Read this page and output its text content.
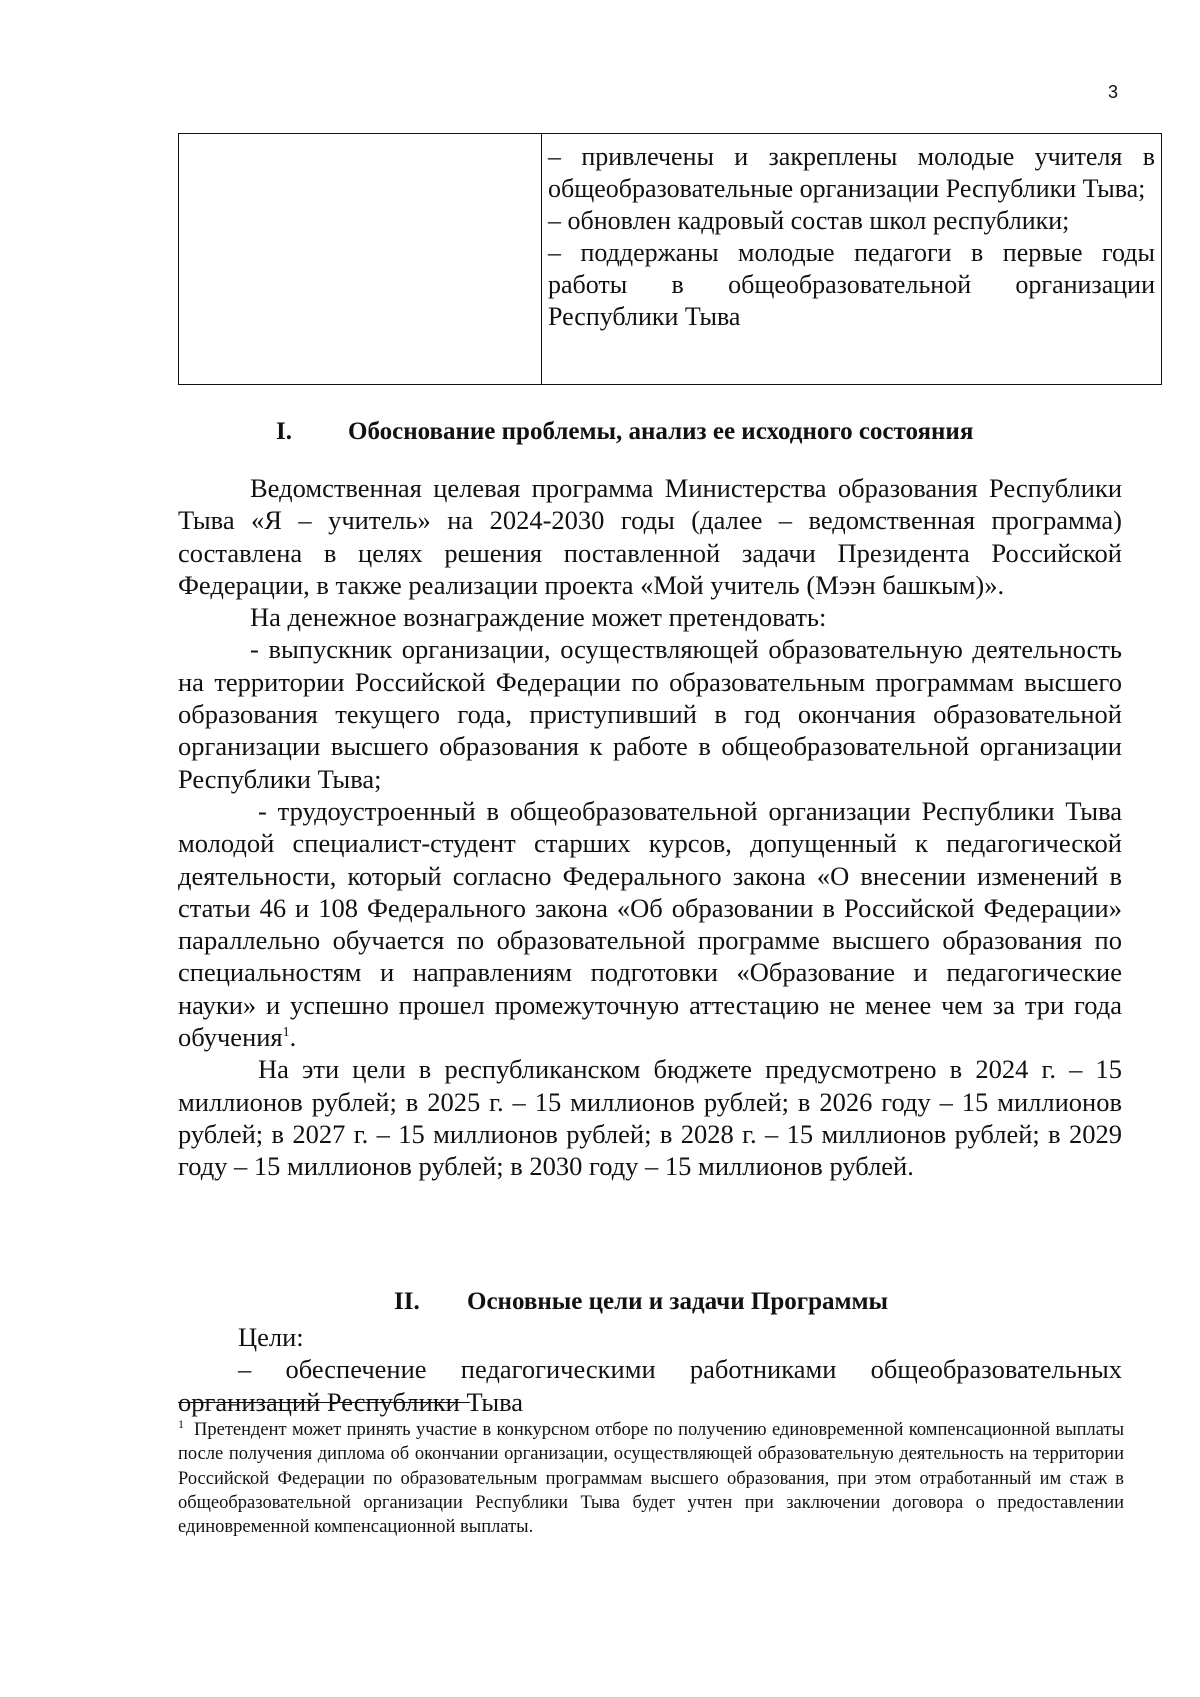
3

– привлечены и закреплены молодые учителя в общеобразовательные организации Республики Тыва;
– обновлен кадровый состав школ республики;
– поддержаны молодые педагоги в первые годы работы в общеобразовательной организации Республики Тыва
I. Обоснование проблемы, анализ ее исходного состояния

Ведомственная целевая программа Министерства образования Республики Тыва «Я – учитель» на 2024-2030 годы (далее – ведомственная программа) составлена в целях решения поставленной задачи Президента Российской Федерации, в также реализации проекта «Мой учитель (Мээн башкым)».

На денежное вознаграждение может претендовать:

- выпускник организации, осуществляющей образовательную деятельность на территории Российской Федерации по образовательным программам высшего образования текущего года, приступивший в год окончания образовательной организации высшего образования к работе в общеобразовательной организации Республики Тыва;

- трудоустроенный в общеобразовательной организации Республики Тыва молодой специалист-студент старших курсов, допущенный к педагогической деятельности, который согласно Федерального закона «О внесении изменений в статьи 46 и 108 Федерального закона «Об образовании в Российской Федерации» параллельно обучается по образовательной программе высшего образования по специальностям и направлениям подготовки «Образование и педагогические науки» и успешно прошел промежуточную аттестацию не менее чем за три года обучения$^1$.

На эти цели в республиканском бюджете предусмотрено в 2024 г. – 15 миллионов рублей; в 2025 г. – 15 миллионов рублей; в 2026 году – 15 миллионов рублей; в 2027 г. – 15 миллионов рублей; в 2028 г. – 15 миллионов рублей; в 2029 году – 15 миллионов рублей; в 2030 году – 15 миллионов рублей.

II. Основные цели и задачи Программы

Цели:

– обеспечение педагогическими работниками общеобразовательных организаций Республики Тыва

$^1$ Претендент может принять участие в конкурсном отборе по получению единовременной компенсационной выплаты после получения диплома об окончании организации, осуществляющей образовательную деятельность на территории Российской Федерации по образовательным программам высшего образования, при этом отработанный им стаж в общеобразовательной организации Республики Тыва будет учтен при заключении договора о предоставлении единовременной компенсационной выплаты.
